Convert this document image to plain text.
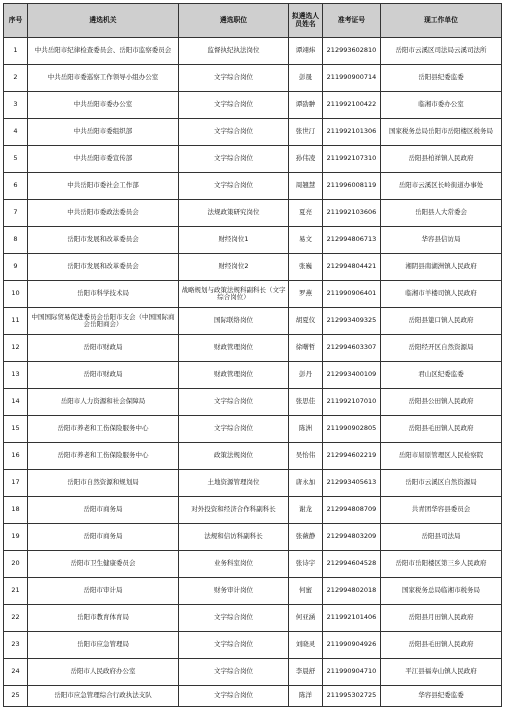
序号	遴选机关	遴选职位	拟遴选人员姓名	准考证号	现工作单位
1	中共岳阳市纪律检查委员会、岳阳市监察委员会	监督执纪执法岗位	谭翊炜	212993602810	岳阳市云溪区司法局云溪司法所
2	中共岳阳市委巡察工作领导小组办公室	文字综合岗位	彭晟	211990900714	岳阳县纪委监委
3	中共岳阳市委办公室	文字综合岗位	谭劭翀	211992100422	临湘市委办公室
4	中共岳阳市委组织部	文字综合岗位	张世汀	211992101306	国家税务总局岳阳市岳阳楼区税务局
5	中共岳阳市委宣传部	文字综合岗位	孙伟凌	211992107310	岳阳县柏祥镇人民政府
6	中共岳阳市委社会工作部	文字综合岗位	周翘慧	211996008119	岳阳市云溪区长岭街道办事处
7	中共岳阳市委政法委员会	法规政策研究岗位	夏亮	211992103606	岳阳县人大常委会
8	岳阳市发展和改革委员会	财经岗位1	易文	212994806713	华容县信访局
9	岳阳市发展和改革委员会	财经岗位2	张巍	212994804421	湘阴县南湖洲镇人民政府
10	岳阳市科学技术局	战略规划与政策法规科副科长（文字综合岗位）	罗燕	211990906401	临湘市羊楼司镇人民政府
11	中国国际贸易促进委员会岳阳市支会（中国国际商会岳阳商会）	国际联络岗位	胡夏仪	212993409325	岳阳县筻口镇人民政府
12	岳阳市财政局	财政管理岗位	徐曙哲	212994603307	岳阳经开区自然资源局
13	岳阳市财政局	财政管理岗位	彭丹	212993400109	君山区纪委监委
14	岳阳市人力资源和社会保障局	文字综合岗位	张思佳	211992107010	岳阳县公田镇人民政府
15	岳阳市养老和工伤保险服务中心	文字综合岗位	陈洲	211990902805	岳阳县毛田镇人民政府
16	岳阳市养老和工伤保险服务中心	政策法规岗位	吴怡伟	212994602219	岳阳市屈原管理区人民检察院
17	岳阳市自然资源和规划局	土地资源管理岗位	唐永加	212993405613	岳阳市云溪区自然资源局
18	岳阳市商务局	对外投资和经济合作科副科长	谢龙	212994808709	共青团华容县委员会
19	岳阳市商务局	法规和信访科副科长	张薇静	212994803209	岳阳县司法局
20	岳阳市卫生健康委员会	业务科室岗位	张诗宇	212994604528	岳阳市岳阳楼区第三乡人民政府
21	岳阳市审计局	财务审计岗位	何蜜	212994802018	国家税务总局临湘市税务局
22	岳阳市教育体育局	文字综合岗位	何亚涵	211992101406	岳阳县月田镇人民政府
23	岳阳市应急管理局	文字综合岗位	刘晓灵	211990904926	岳阳县毛田镇人民政府
24	岳阳市人民政府办公室	文字综合岗位	李晨舒	211990904710	平江县福寿山镇人民政府
25	岳阳市应急管理综合行政执法支队	文字综合岗位	陈洋	211995302725	华容县纪委监委
